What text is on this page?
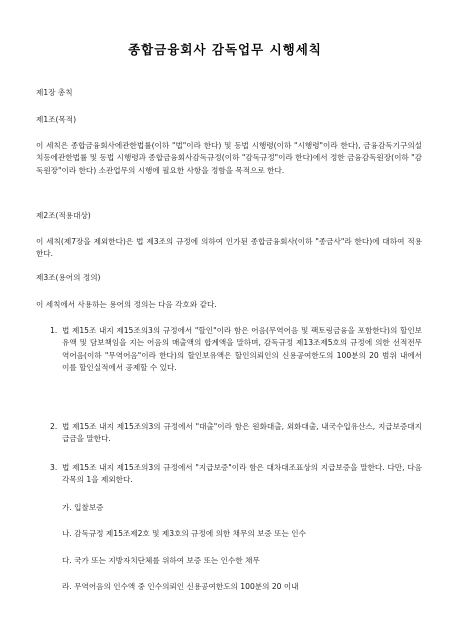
종합금융회사 감독업무 시행세칙
제1장 총칙
제1조(목적)
이 세칙은 종합금융회사에관한법률(이하 "법"이라 한다) 및 동법 시행령(이하 "시행령"이라 한다), 금융감독기구의설치등에관한법률 및 동법 시행령과 종합금융회사감독규정(이하 "감독규정"이라 한다)에서 정한 금융감독원장(이하 "감독원장"이라 한다) 소관업무의 시행에 필요한 사항을 정함을 목적으로 한다.
제2조(적용대상)
이 세칙(제7장을 제외한다)은 법 제3조의 규정에 의하여 인가된 종합금융회사(이하 "종금사"라 한다)에 대하여 적용한다.
제3조(용어의 정의)
이 세칙에서 사용하는 용어의 정의는 다음 각호와 같다.
1. 법 제15조 내지 제15조의3의 규정에서 "할인"이라 함은 어음(무역어음 및 팩토링금융을 포함한다)의 할인보유액 및 담보책임을 지는 어음의 매출액의 합계액을 말하며, 감독규정 제13조제5호의 규정에 의한 선적전무역어음(이하 "무역어음"이라 한다)의 할인보유액은 할인의뢰인의 신용공여한도의 100분의 20 범위 내에서 이를 할인실적에서 공제할 수 있다.
2. 법 제15조 내지 제15조의3의 규정에서 "대출"이라 함은 원화대출, 외화대출, 내국수입유산스, 지급보증대지급금을 말한다.
3. 법 제15조 내지 제15조의3의 규정에서 "지급보증"이라 함은 대차대조표상의 지급보증을 말한다. 다만, 다음 각목의 1을 제외한다.
가. 입찰보증
나. 감독규정 제15조제2호 및 제3호의 규정에 의한 채무의 보증 또는 인수
다. 국가 또는 지방자치단체를 위하여 보증 또는 인수한 채무
라. 무역어음의 인수액 중 인수의뢰인 신용공여한도의 100분의 20 이내
